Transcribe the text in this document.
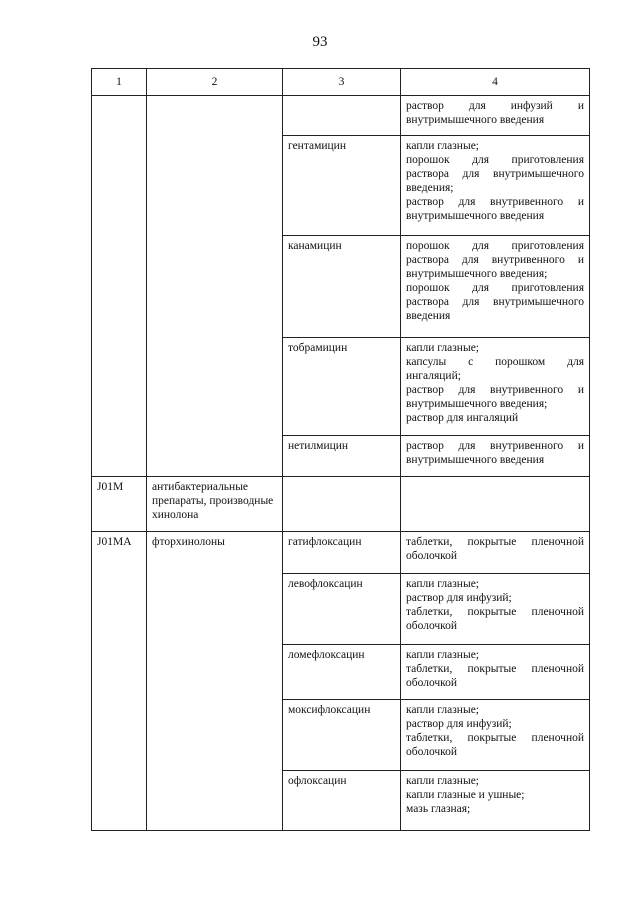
93
1	2	3	4

			раствор для инфузий и внутримышечного введения

		гентамицин	капли глазные;
порошок для приготовления раствора для внутримышечного введения;
раствор для внутривенного и внутримышечного введения

		канамицин	порошок для приготовления раствора для внутривенного и внутримышечного введения;
порошок для приготовления раствора для внутримышечного введения

		тобрамицин	капли глазные;
капсулы с порошком для ингаляций;
раствор для внутривенного и внутримышечного введения;
раствор для ингаляций

		нетилмицин	раствор для внутривенного и внутримышечного введения

J01M	антибактериальные препараты, производные хинолона		
J01MA	фторхинолоны	гатифлоксацин	таблетки, покрытые пленочной оболочкой

		левофлоксацин	капли глазные;
раствор для инфузий;
таблетки, покрытые пленочной оболочкой

		ломефлоксацин	капли глазные;
таблетки, покрытые пленочной оболочкой

		моксифлоксацин	капли глазные;
раствор для инфузий;
таблетки, покрытые пленочной оболочкой

		офлоксацин	капли глазные;
капли глазные и ушные;
мазь глазная;
